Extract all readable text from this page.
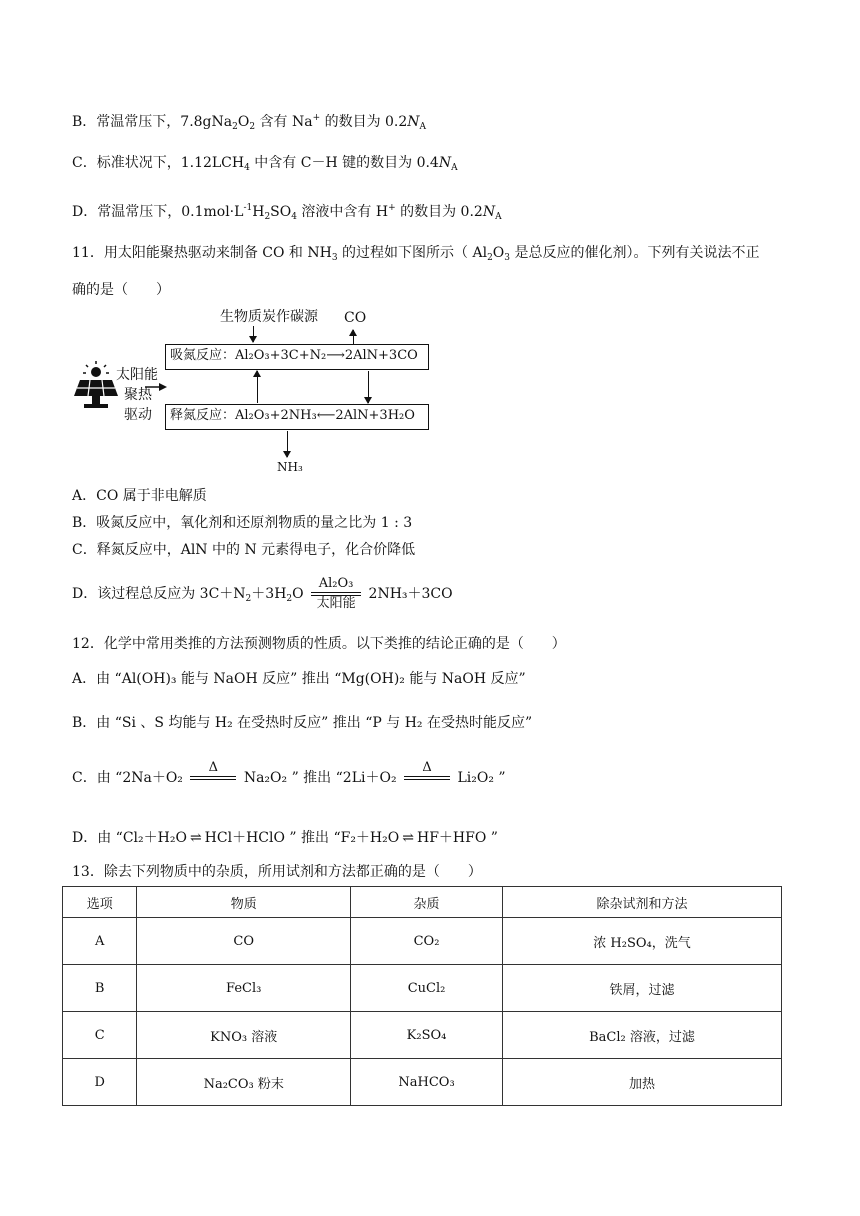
B．常温常压下，$7.8gNa_2O_2$ 含有 Na+ 的数目为 $0.2N_A$
C．标准状况下，$1.12LCH_4$ 中含有 C－H 键的数目为 $0.4N_A$
D．常温常压下，$0.1mol\cdot L^{-1}H_2SO_4$ 溶液中含有 H+ 的数目为 $0.2N_A$
11．用太阳能聚热驱动来制备 CO 和 $NH_3$ 的过程如下图所示（ $Al_2O_3$ 是总反应的催化剂）。下列有关说法不正
确的是（　　）
生物质炭作碳源 CO
吸氮反应：Al₂O₃+3C+N₂⟶2AlN+3CO
释氮反应：Al₂O₃+2NH₃⟵2AlN+3H₂O
NH₃
太阳能
聚热
驱动
A．CO 属于非电解质
B．吸氮反应中，氧化剂和还原剂物质的量之比为 1 : 3
C．释氮反应中，AlN 中的 N 元素得电子，化合价降低
D．该过程总反应为 $3C+N_2+3H_2O$
Al₂O₃
太阳能
2NH₃＋3CO
12．化学中常用类推的方法预测物质的性质。以下类推的结论正确的是（　　）
A．由 “Al(OH)₃ 能与 NaOH 反应” 推出 “Mg(OH)₂ 能与 NaOH 反应”
B．由 “Si 、S 均能与 H₂ 在受热时反应” 推出 “P 与 H₂ 在受热时能反应”
C．由 “2Na＋O₂
Δ

Na₂O₂ ” 推出 “2Li＋O₂
Δ

Li₂O₂ ”
D．由 “Cl₂＋H₂O ⇌ HCl＋HClO ” 推出 “F₂＋H₂O ⇌ HF＋HFO ”
13．除去下列物质中的杂质，所用试剂和方法都正确的是（　　）
选项	物质	杂质	除杂试剂和方法
A	CO	CO₂	浓 H₂SO₄，洗气
B	FeCl₃	CuCl₂	铁屑，过滤
C	KNO₃ 溶液	K₂SO₄	BaCl₂ 溶液，过滤
D	Na₂CO₃ 粉末	NaHCO₃	加热
